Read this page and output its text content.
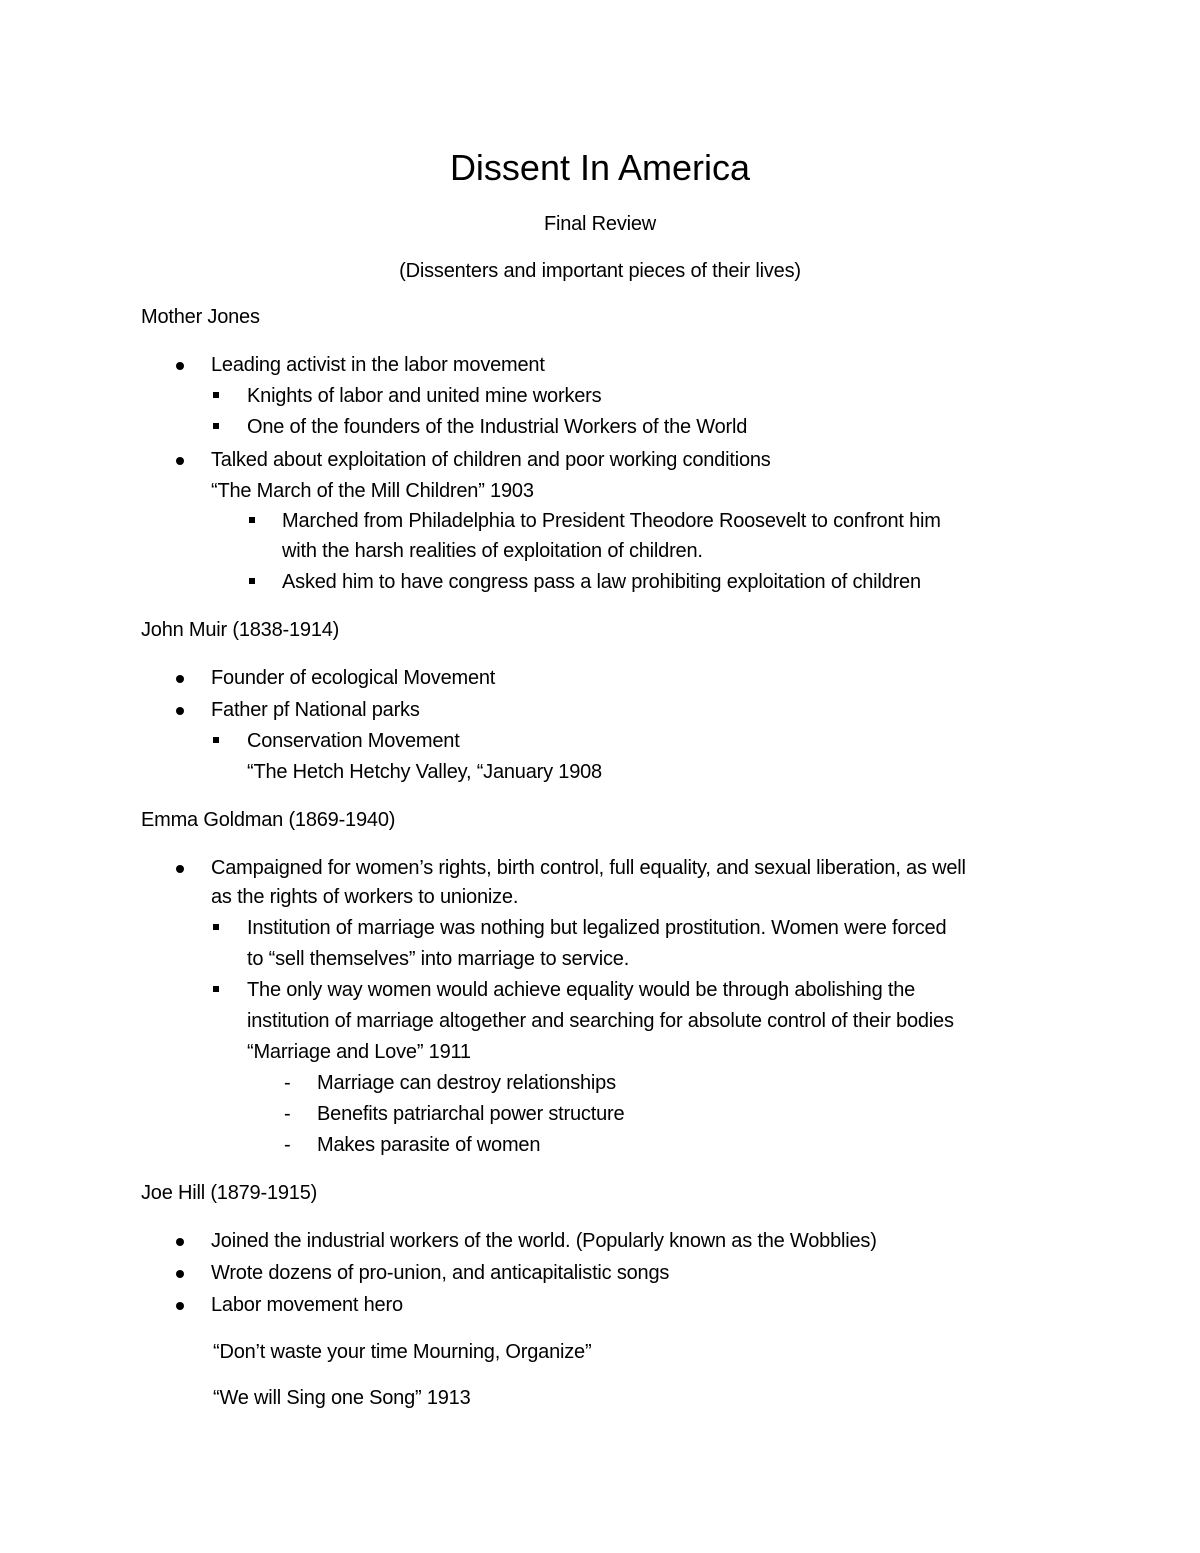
Dissent In America
Final Review
(Dissenters and important pieces of their lives)
Mother Jones
Leading activist in the labor movement
Knights of labor and united mine workers
One of the founders of the Industrial Workers of the World
Talked about exploitation of children and poor working conditions
“The March of the Mill Children” 1903
Marched from Philadelphia to President Theodore Roosevelt to confront him
with the harsh realities of exploitation of children.
Asked him to have congress pass a law prohibiting exploitation of children
John Muir (1838-1914)
Founder of ecological Movement
Father pf National parks
Conservation Movement
“The Hetch Hetchy Valley, “January 1908
Emma Goldman (1869-1940)
Campaigned for women’s rights, birth control, full equality, and sexual liberation, as well
as the rights of workers to unionize.
Institution of marriage was nothing but legalized prostitution. Women were forced
to “sell themselves” into marriage to service.
The only way women would achieve equality would be through abolishing the
institution of marriage altogether and searching for absolute control of their bodies
“Marriage and Love” 1911
- Marriage can destroy relationships
- Benefits patriarchal power structure
- Makes parasite of women
Joe Hill (1879-1915)
Joined the industrial workers of the world. (Popularly known as the Wobblies)
Wrote dozens of pro-union, and anticapitalistic songs
Labor movement hero
“Don’t waste your time Mourning, Organize”
“We will Sing one Song” 1913
